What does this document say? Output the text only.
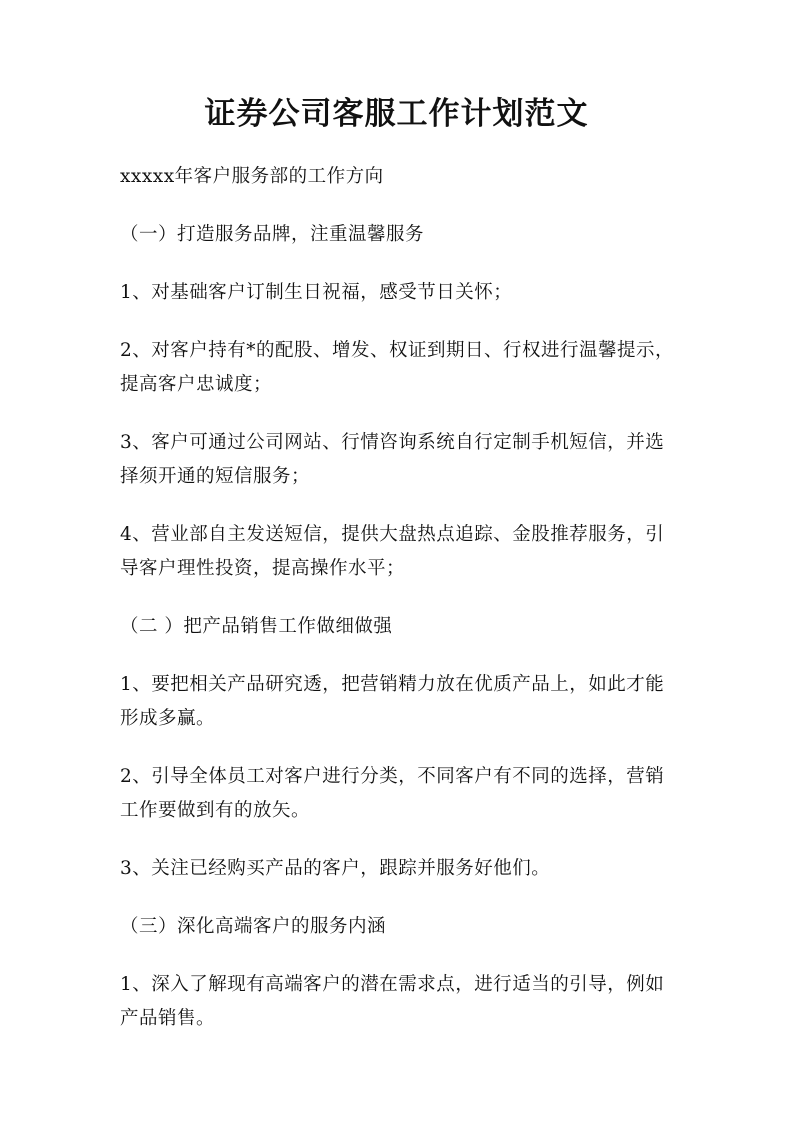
证券公司客服工作计划范文

xxxxx年客户服务部的工作方向

（一）打造服务品牌，注重温馨服务

1、对基础客户订制生日祝福，感受节日关怀；

2、对客户持有*的配股、增发、权证到期日、行权进行温馨提示，提高客户忠诚度；

3、客户可通过公司网站、行情咨询系统自行定制手机短信，并选择须开通的短信服务；

4、营业部自主发送短信，提供大盘热点追踪、金股推荐服务，引导客户理性投资，提高操作水平；

（二 ）把产品销售工作做细做强

1、要把相关产品研究透，把营销精力放在优质产品上，如此才能形成多赢。

2、引导全体员工对客户进行分类，不同客户有不同的选择，营销工作要做到有的放矢。

3、关注已经购买产品的客户，跟踪并服务好他们。

（三）深化高端客户的服务内涵

1、深入了解现有高端客户的潜在需求点，进行适当的引导，例如产品销售。
